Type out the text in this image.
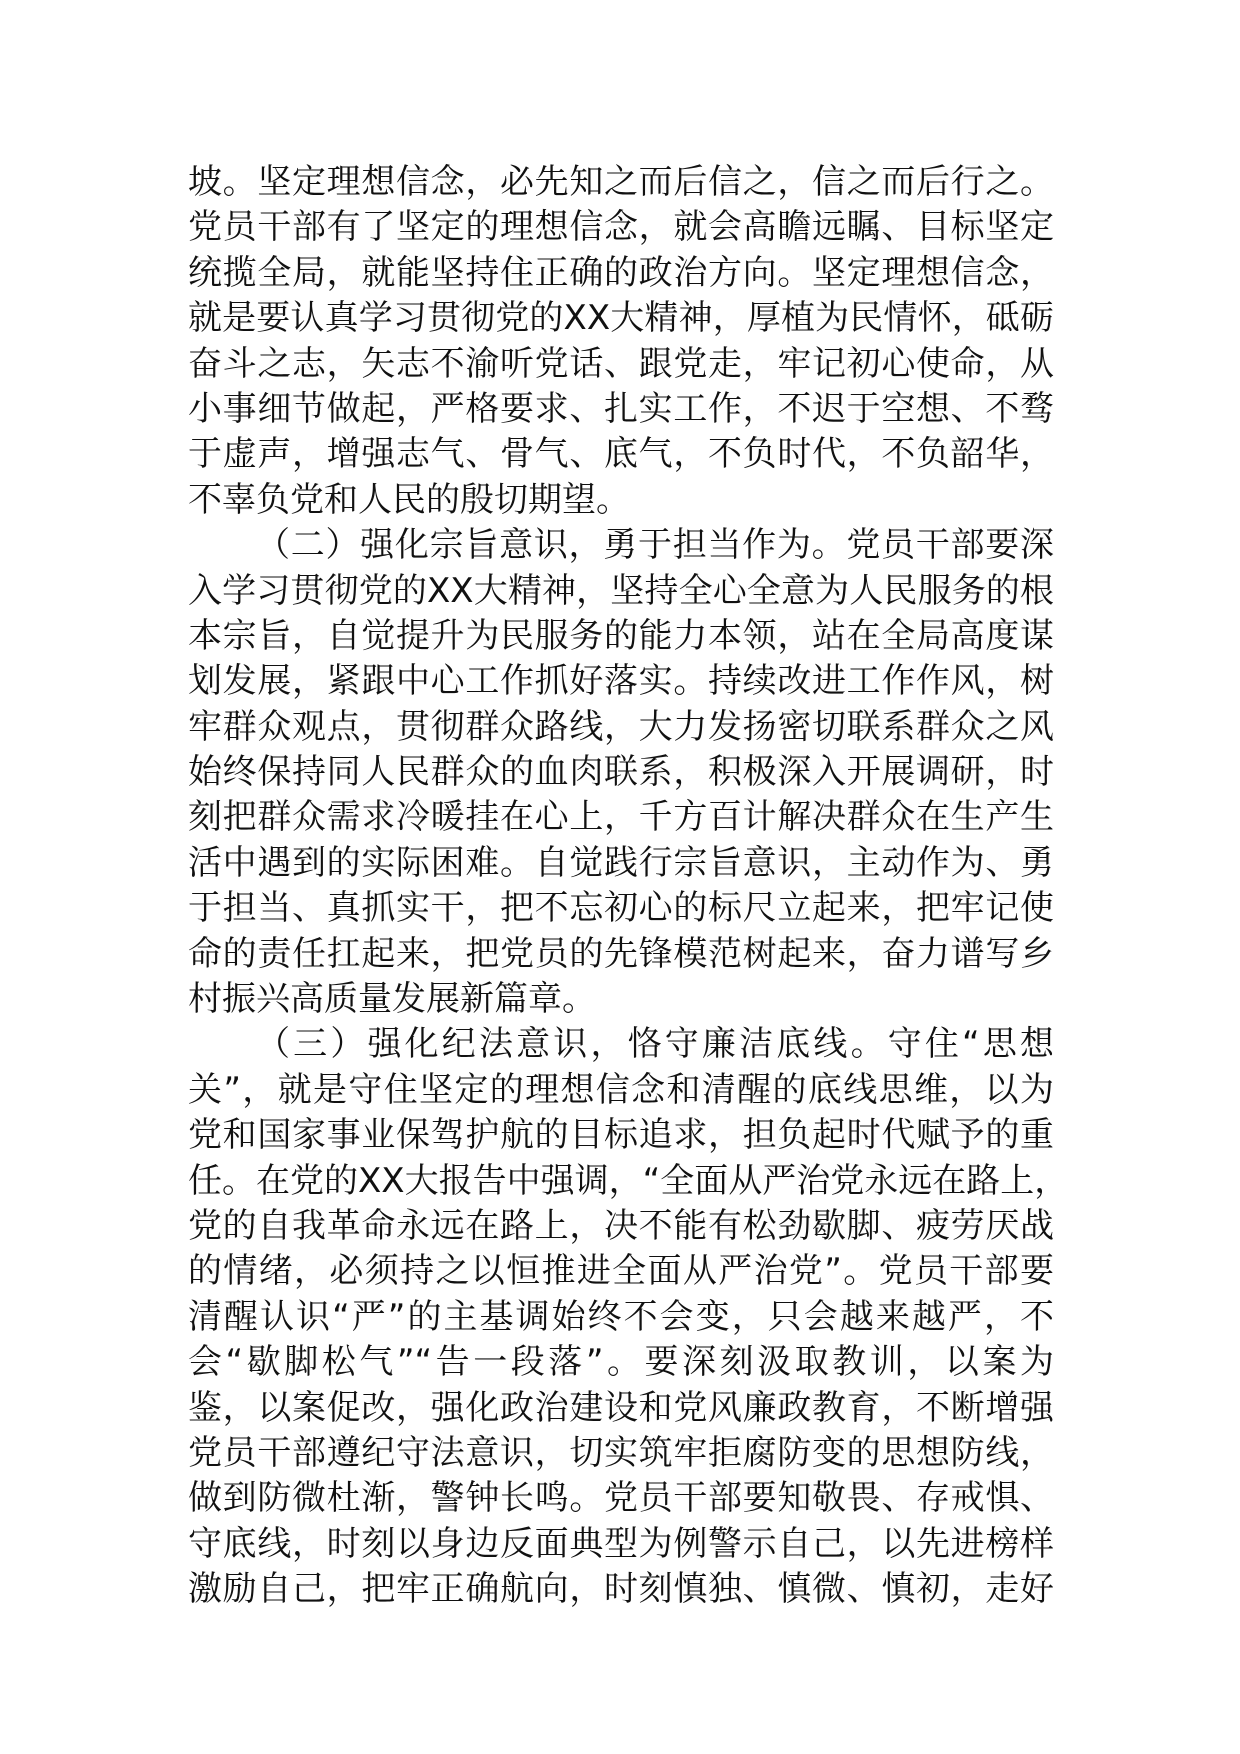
坡。坚定理想信念，必先知之而后信之，信之而后行之。
党员干部有了坚定的理想信念，就会高瞻远瞩、目标坚定
统揽全局，就能坚持住正确的政治方向。坚定理想信念，
就是要认真学习贯彻党的XX大精神，厚植为民情怀，砥砺
奋斗之志，矢志不渝听党话、跟党走，牢记初心使命，从
小事细节做起，严格要求、扎实工作，不迟于空想、不骛
于虚声，增强志气、骨气、底气，不负时代，不负韶华，
不辜负党和人民的殷切期望。
（二）强化宗旨意识，勇于担当作为。党员干部要深
入学习贯彻党的XX大精神，坚持全心全意为人民服务的根
本宗旨，自觉提升为民服务的能力本领，站在全局高度谋
划发展，紧跟中心工作抓好落实。持续改进工作作风，树
牢群众观点，贯彻群众路线，大力发扬密切联系群众之风
始终保持同人民群众的血肉联系，积极深入开展调研，时
刻把群众需求冷暖挂在心上，千方百计解决群众在生产生
活中遇到的实际困难。自觉践行宗旨意识，主动作为、勇
于担当、真抓实干，把不忘初心的标尺立起来，把牢记使
命的责任扛起来，把党员的先锋模范树起来，奋力谱写乡
村振兴高质量发展新篇章。
（三）强化纪法意识，恪守廉洁底线。守住“思想
关”，就是守住坚定的理想信念和清醒的底线思维，以为
党和国家事业保驾护航的目标追求，担负起时代赋予的重
任。在党的XX大报告中强调，“全面从严治党永远在路上，
党的自我革命永远在路上，决不能有松劲歇脚、疲劳厌战
的情绪，必须持之以恒推进全面从严治党”。党员干部要
清醒认识“严”的主基调始终不会变，只会越来越严，不
会“歇脚松气”“告一段落”。要深刻汲取教训，以案为
鉴，以案促改，强化政治建设和党风廉政教育，不断增强
党员干部遵纪守法意识，切实筑牢拒腐防变的思想防线，
做到防微杜渐，警钟长鸣。党员干部要知敬畏、存戒惧、
守底线，时刻以身边反面典型为例警示自己，以先进榜样
激励自己，把牢正确航向，时刻慎独、慎微、慎初，走好
